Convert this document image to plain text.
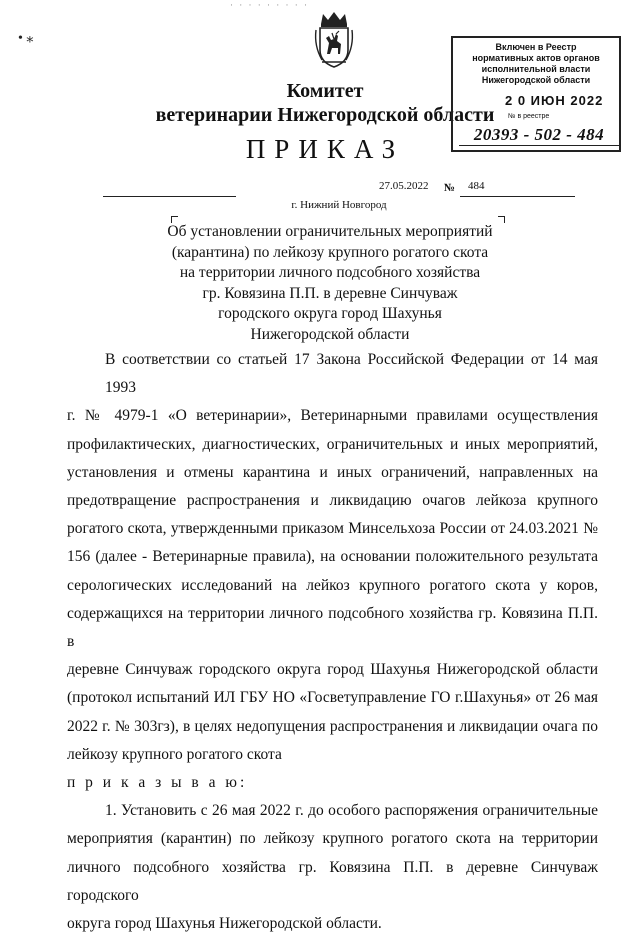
· · · · · · · · ·
• ⁎
Комитет
ветеринарии Нижегородской области
ПРИКАЗ
Включен в Реестр
нормативных актов органов
исполнительной власти
Нижегородской области
2 0 ИЮН 2022
№ в реестре
20393 - 502 - 484
27.05.2022 № 484
г. Нижний Новгород
Об установлении ограничительных мероприятий
(карантина) по лейкозу крупного рогатого скота
на территории личного подсобного хозяйства
гр. Ковязина П.П. в деревне Синчуваж
городского округа город Шахунья
Нижегородской области
В соответствии со статьей 17 Закона Российской Федерации от 14 мая 1993
г. № 4979-1 «О ветеринарии», Ветеринарными правилами осуществления
профилактических, диагностических, ограничительных и иных мероприятий,
установления и отмены карантина и иных ограничений, направленных на
предотвращение распространения и ликвидацию очагов лейкоза крупного
рогатого скота, утвержденными приказом Минсельхоза России от 24.03.2021 №
156 (далее - Ветеринарные правила), на основании положительного результата
серологических исследований на лейкоз крупного рогатого скота у коров,
содержащихся на территории личного подсобного хозяйства гр. Ковязина П.П. в
деревне Синчуваж городского округа город Шахунья Нижегородской области
(протокол испытаний ИЛ ГБУ НО «Госветуправление ГО г.Шахунья» от 26 мая
2022 г. № 303гз), в целях недопущения распространения и ликвидации очага по
лейкозу крупного рогатого скота
п р и к а з ы в а ю:
1. Установить с 26 мая 2022 г. до особого распоряжения ограничительные
мероприятия (карантин) по лейкозу крупного рогатого скота на территории
личного подсобного хозяйства гр. Ковязина П.П. в деревне Синчуваж городского
округа город Шахунья Нижегородской области.
